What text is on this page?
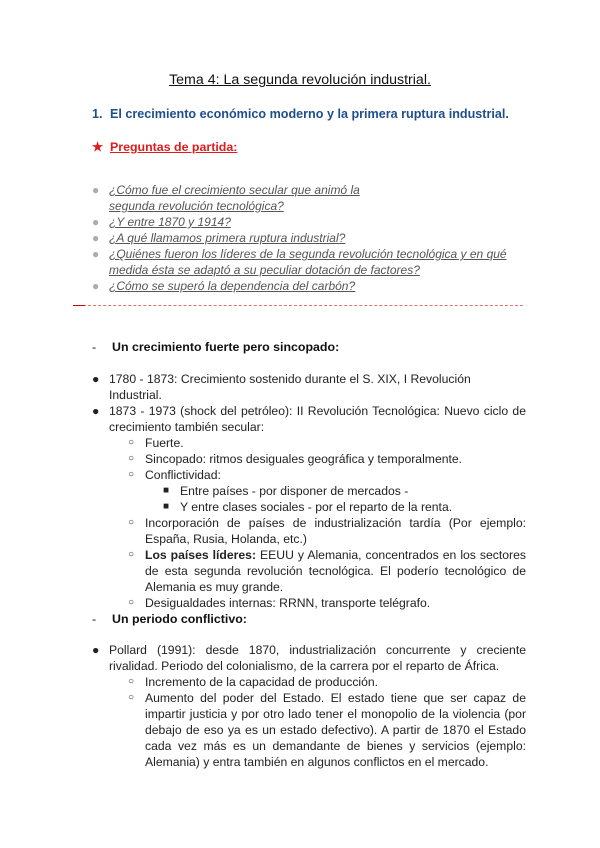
Tema 4: La segunda revolución industrial.
1. El crecimiento económico moderno y la primera ruptura industrial.
★ Preguntas de partida:
● ¿Cómo fue el crecimiento secular que animó la segunda revolución tecnológica?
● ¿Y entre 1870 y 1914?
● ¿A qué llamamos primera ruptura industrial?
● ¿Quiénes fueron los líderes de la segunda revolución tecnológica y en qué medida ésta se adaptó a su peculiar dotación de factores?
● ¿Cómo se superó la dependencia del carbón?
- Un crecimiento fuerte pero sincopado:
● 1780 - 1873: Crecimiento sostenido durante el S. XIX, I Revolución Industrial.
● 1873 - 1973 (shock del petróleo): II Revolución Tecnológica: Nuevo ciclo de crecimiento también secular:
○ Fuerte.
○ Sincopado: ritmos desiguales geográfica y temporalmente.
○ Conflictividad:
■ Entre países - por disponer de mercados -
■ Y entre clases sociales - por el reparto de la renta.
○ Incorporación de países de industrialización tardía (Por ejemplo: España, Rusia, Holanda, etc.)
○ Los países líderes: EEUU y Alemania, concentrados en los sectores de esta segunda revolución tecnológica. El poderío tecnológico de Alemania es muy grande.
○ Desigualdades internas: RRNN, transporte telégrafo.
- Un periodo conflictivo:
● Pollard (1991): desde 1870, industrialización concurrente y creciente rivalidad. Periodo del colonialismo, de la carrera por el reparto de África.
○ Incremento de la capacidad de producción.
○ Aumento del poder del Estado. El estado tiene que ser capaz de impartir justicia y por otro lado tener el monopolio de la violencia (por debajo de eso ya es un estado defectivo). A partir de 1870 el Estado cada vez más es un demandante de bienes y servicios (ejemplo: Alemania) y entra también en algunos conflictos en el mercado.
